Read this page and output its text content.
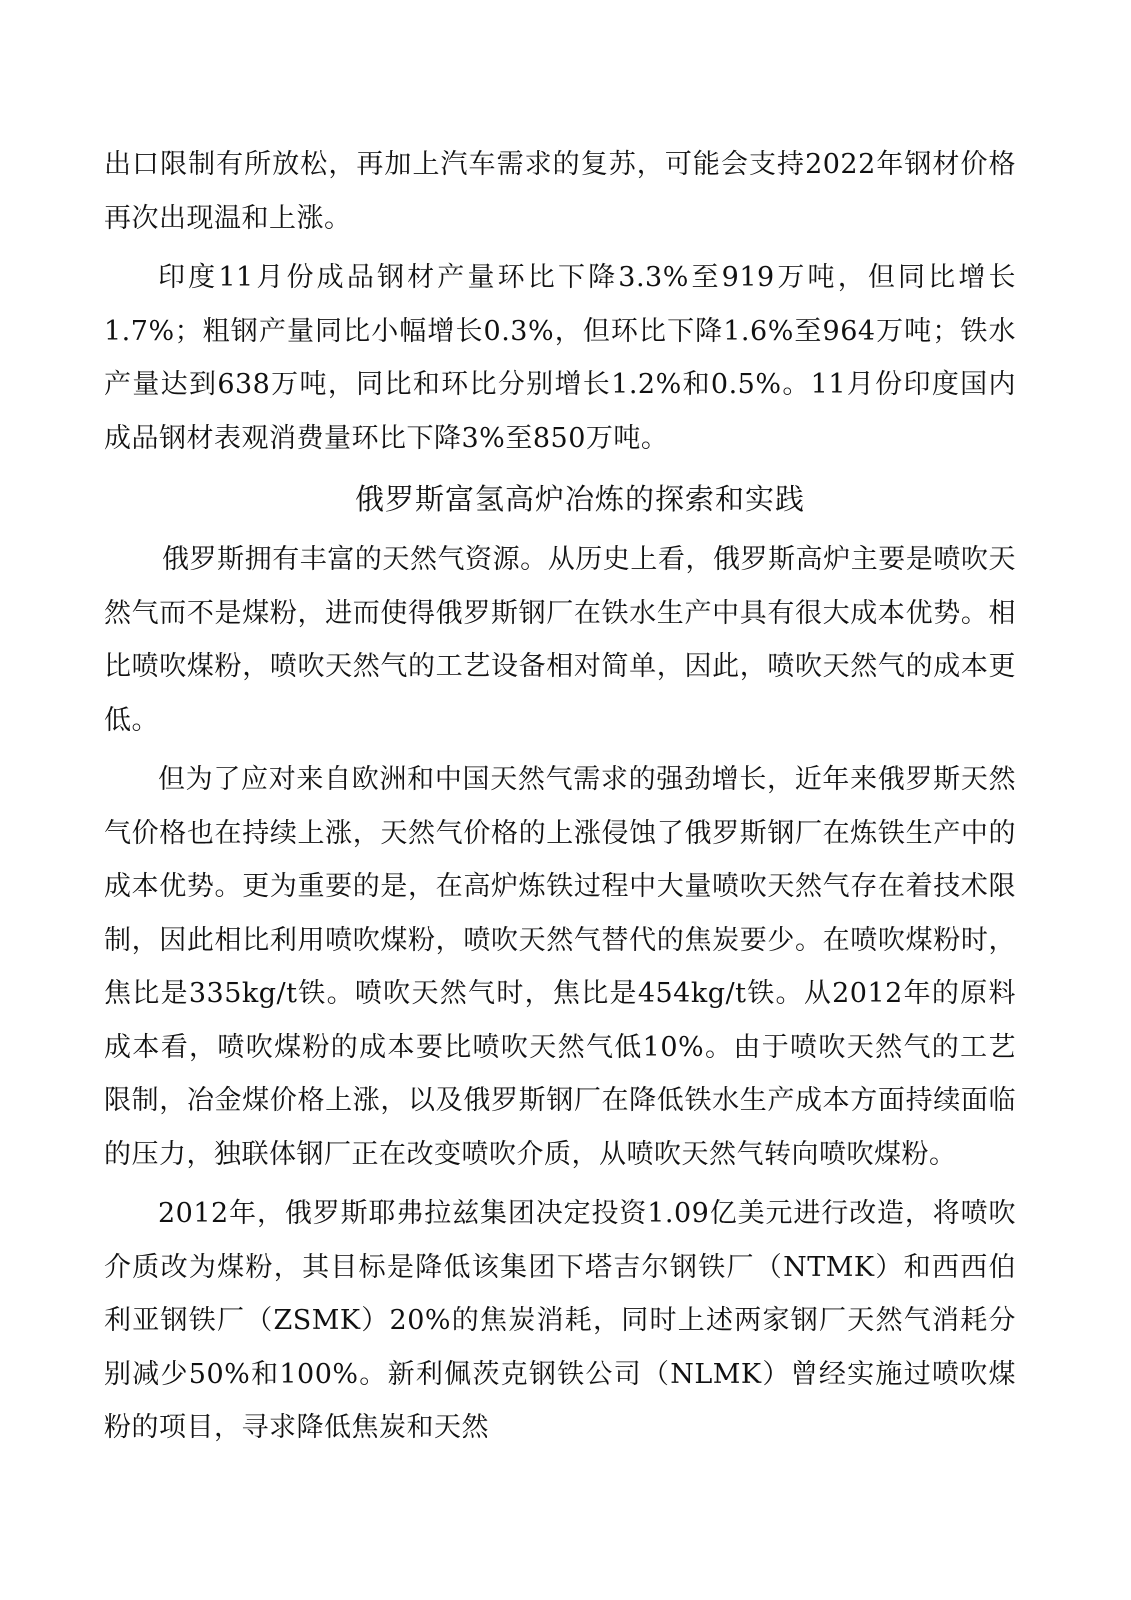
出口限制有所放松，再加上汽车需求的复苏，可能会支持2022年钢材价格再次出现温和上涨。

印度11月份成品钢材产量环比下降3.3%至919万吨，但同比增长1.7%；粗钢产量同比小幅增长0.3%，但环比下降1.6%至964万吨；铁水产量达到638万吨，同比和环比分别增长1.2%和0.5%。11月份印度国内成品钢材表观消费量环比下降3%至850万吨。

俄罗斯富氢高炉冶炼的探索和实践

俄罗斯拥有丰富的天然气资源。从历史上看，俄罗斯高炉主要是喷吹天然气而不是煤粉，进而使得俄罗斯钢厂在铁水生产中具有很大成本优势。相比喷吹煤粉，喷吹天然气的工艺设备相对简单，因此，喷吹天然气的成本更低。

但为了应对来自欧洲和中国天然气需求的强劲增长，近年来俄罗斯天然气价格也在持续上涨，天然气价格的上涨侵蚀了俄罗斯钢厂在炼铁生产中的成本优势。更为重要的是，在高炉炼铁过程中大量喷吹天然气存在着技术限制，因此相比利用喷吹煤粉，喷吹天然气替代的焦炭要少。在喷吹煤粉时，焦比是335kg/t铁。喷吹天然气时，焦比是454kg/t铁。从2012年的原料成本看，喷吹煤粉的成本要比喷吹天然气低10%。由于喷吹天然气的工艺限制，冶金煤价格上涨，以及俄罗斯钢厂在降低铁水生产成本方面持续面临的压力，独联体钢厂正在改变喷吹介质，从喷吹天然气转向喷吹煤粉。

2012年，俄罗斯耶弗拉兹集团决定投资1.09亿美元进行改造，将喷吹介质改为煤粉，其目标是降低该集团下塔吉尔钢铁厂（NTMK）和西西伯利亚钢铁厂（ZSMK）20%的焦炭消耗，同时上述两家钢厂天然气消耗分别减少50%和100%。新利佩茨克钢铁公司（NLMK）曾经实施过喷吹煤粉的项目，寻求降低焦炭和天然
